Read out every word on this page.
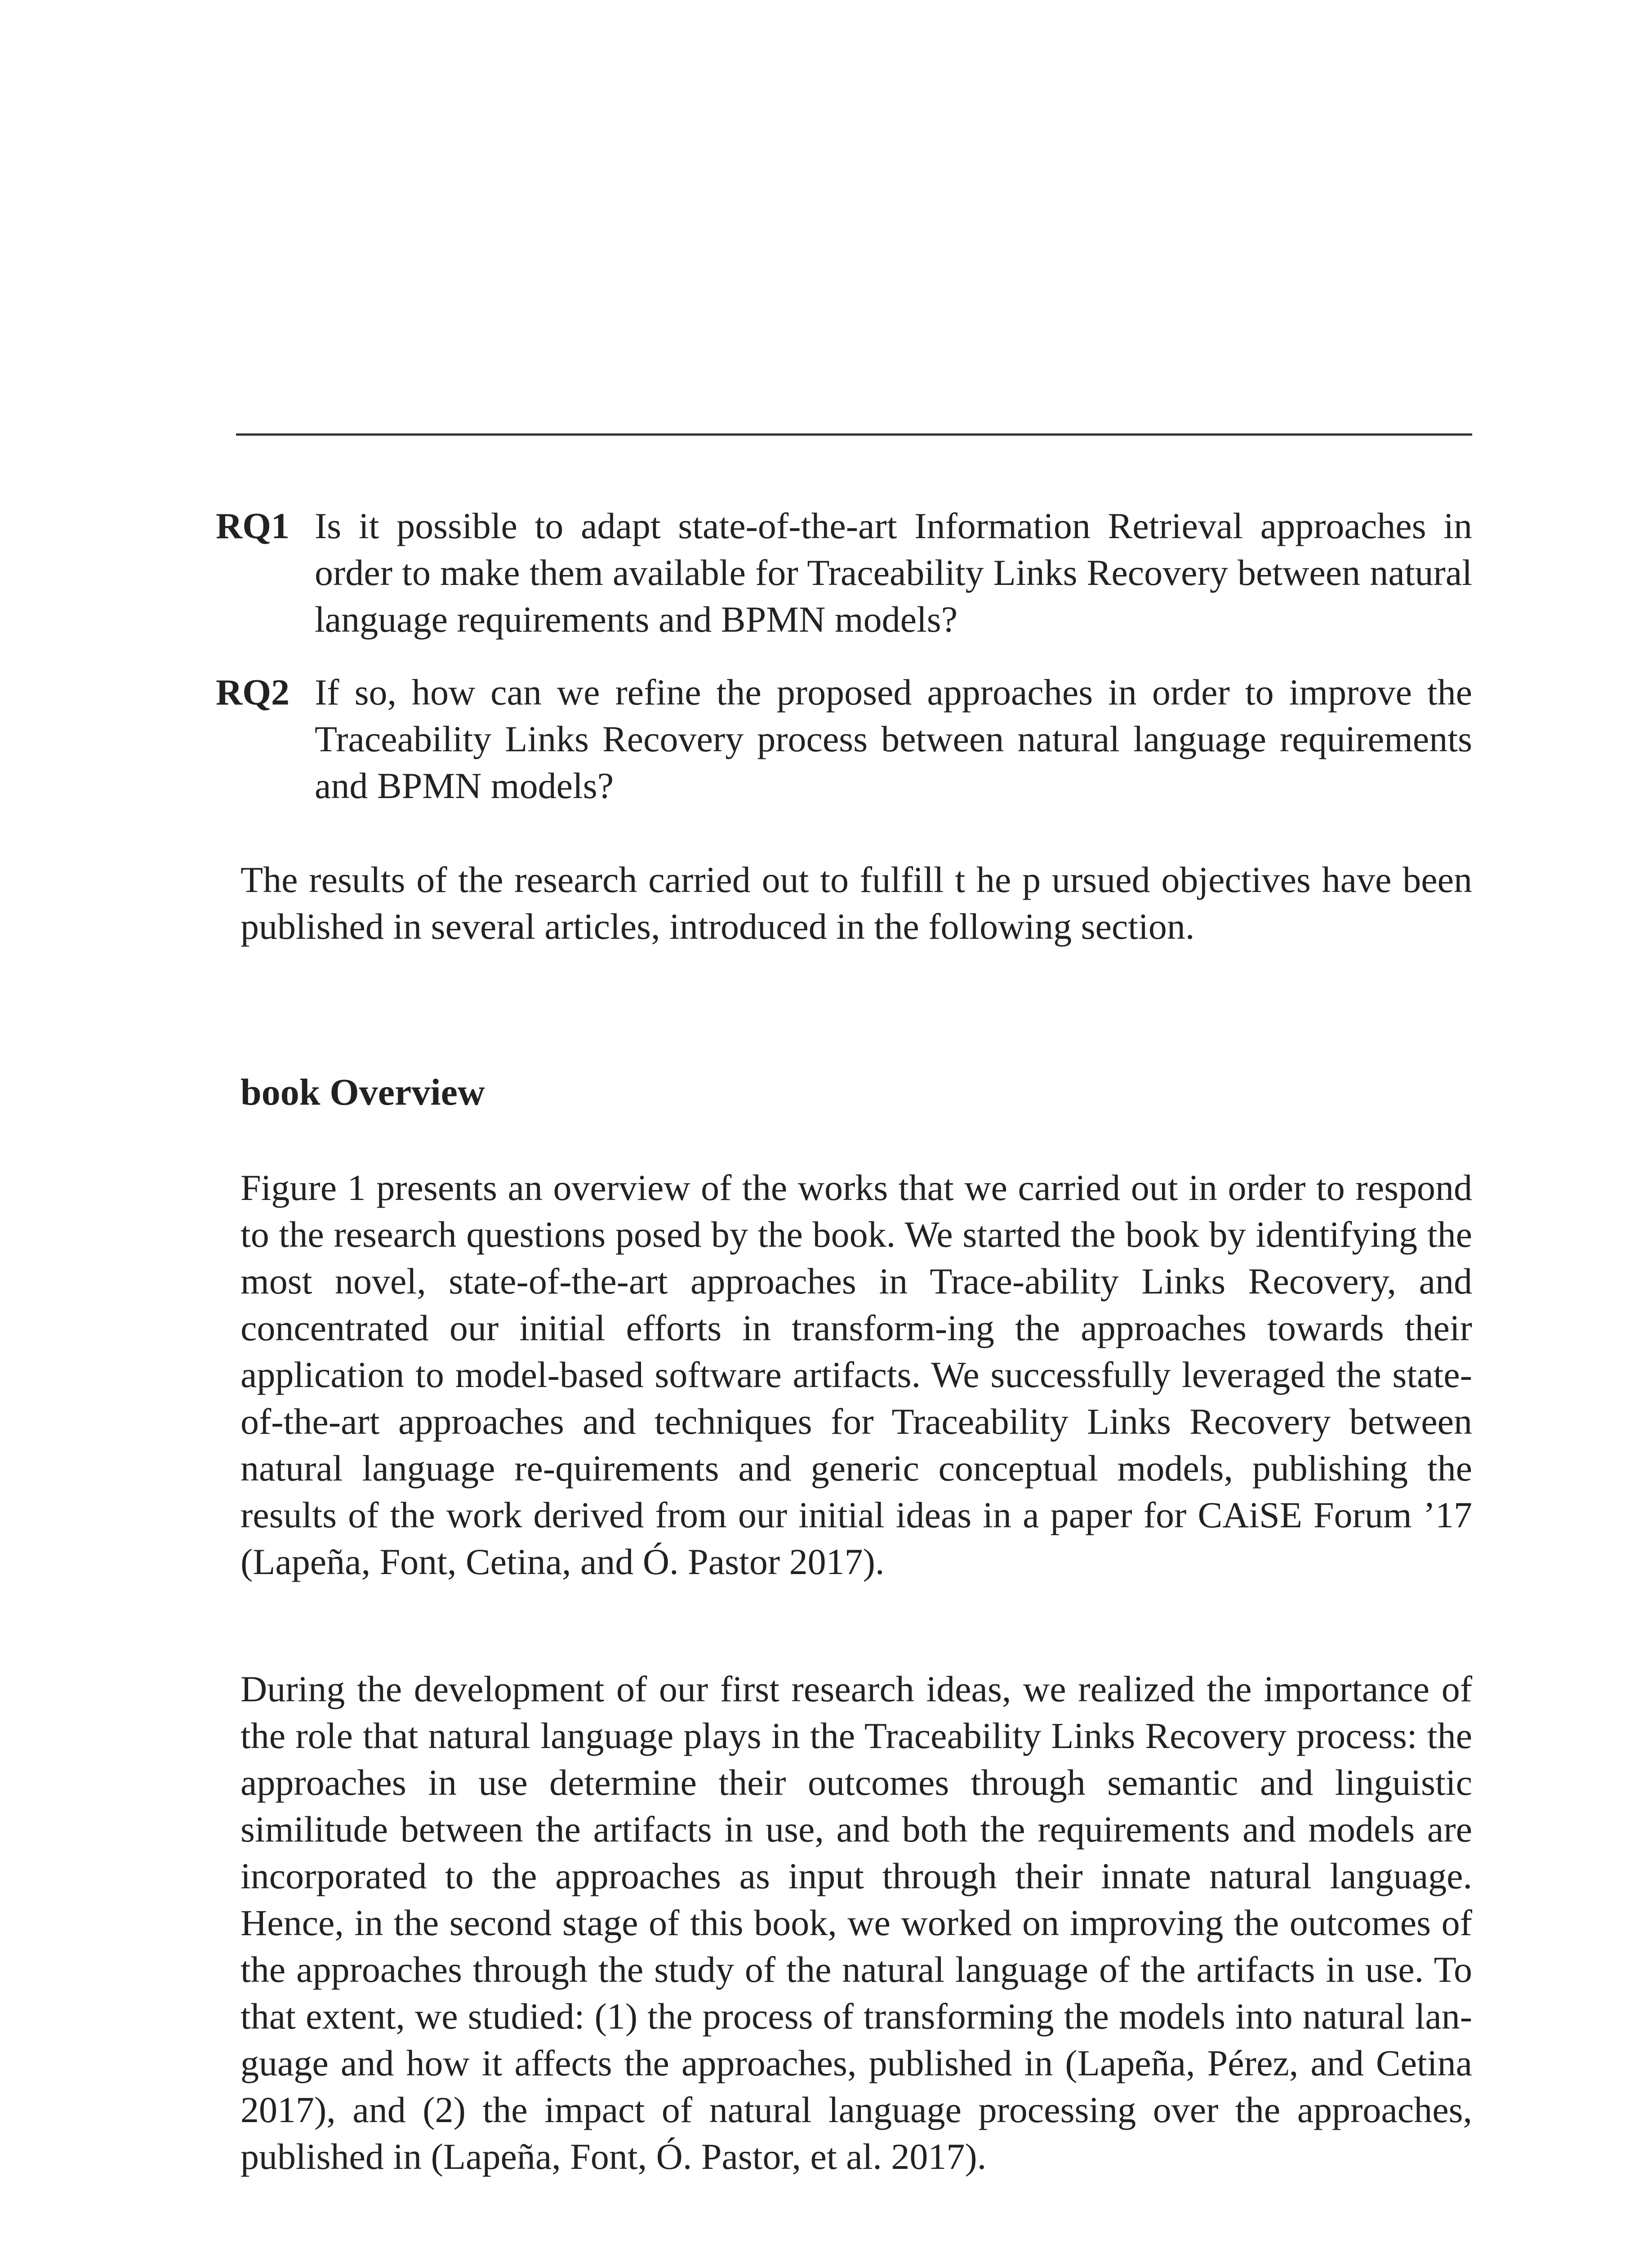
RQ1 Is it possible to adapt state-of-the-art Information Retrieval approaches in order to make them available for Traceability Links Recovery between natural language requirements and BPMN models?
RQ2 If so, how can we refine the proposed approaches in order to improve the Traceability Links Recovery process between natural language requirements and BPMN models?

The results of the research carried out to fulfill t he p ursued objectives have been published in several articles, introduced in the following section.

book Overview

Figure 1 presents an overview of the works that we carried out in order to respond to the research questions posed by the book. We started the book by identifying the most novel, state-of-the-art approaches in Trace-ability Links Recovery, and concentrated our initial efforts in transform-ing the approaches towards their application to model-based software artifacts. We successfully leveraged the state-of-the-art approaches and techniques for Traceability Links Recovery between natural language re-quirements and generic conceptual models, publishing the results of the work derived from our initial ideas in a paper for CAiSE Forum ’17 (Lapeña, Font, Cetina, and Ó. Pastor 2017).

During the development of our first research ideas, we realized the importance of the role that natural language plays in the Traceability Links Recovery process: the approaches in use determine their outcomes through semantic and linguistic similitude between the artifacts in use, and both the requirements and models are incorporated to the approaches as input through their innate natural language. Hence, in the second stage of this book, we worked on improving the outcomes of the approaches through the study of the natural language of the artifacts in use. To that extent, we studied: (1) the process of transforming the models into natural lan-guage and how it affects the approaches, published in (Lapeña, Pérez, and Cetina 2017), and (2) the impact of natural language processing over the approaches, published in (Lapeña, Font, Ó. Pastor, et al. 2017).
